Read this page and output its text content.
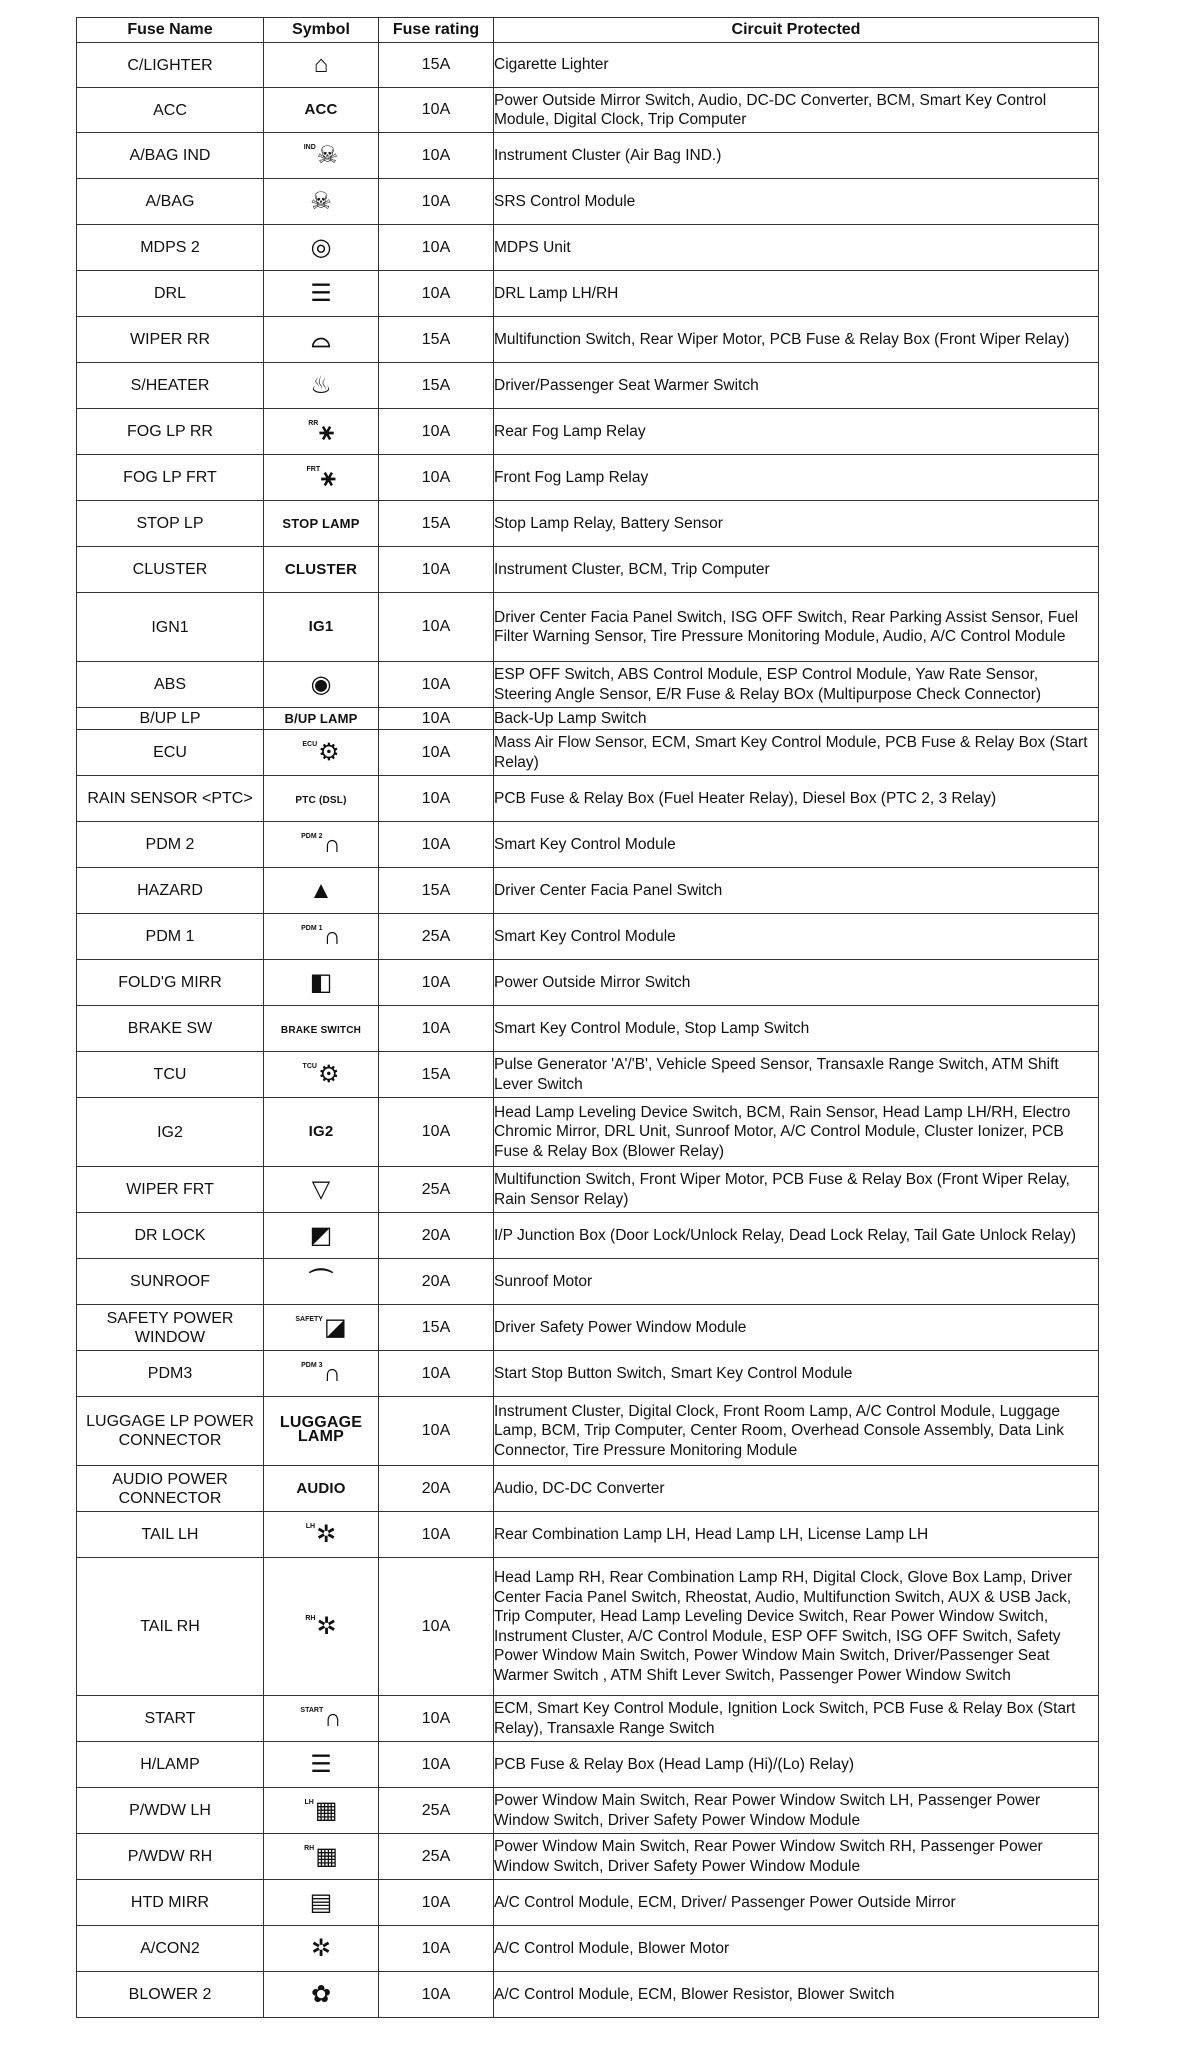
Fuse Name	Symbol	Fuse rating	Circuit Protected
C/LIGHTER	⌂	15A	Cigarette Lighter
ACC	ACC	10A	Power Outside Mirror Switch, Audio, DC-DC Converter, BCM, Smart Key Control Module, Digital Clock, Trip Computer
A/BAG IND	$^{IND}$☠	10A	Instrument Cluster (Air Bag IND.)
A/BAG	☠	10A	SRS Control Module
MDPS 2	◎	10A	MDPS Unit
DRL	☰	10A	DRL Lamp LH/RH
WIPER RR	⌓	15A	Multifunction Switch, Rear Wiper Motor, PCB Fuse & Relay Box (Front Wiper Relay)
S/HEATER	♨	15A	Driver/Passenger Seat Warmer Switch
FOG LP RR	$^{RR}$⚹	10A	Rear Fog Lamp Relay
FOG LP FRT	$^{FRT}$⚹	10A	Front Fog Lamp Relay
STOP LP	STOP LAMP	15A	Stop Lamp Relay, Battery Sensor
CLUSTER	CLUSTER	10A	Instrument Cluster, BCM, Trip Computer
IGN1	IG1	10A	Driver Center Facia Panel Switch, ISG OFF Switch, Rear Parking Assist Sensor, Fuel Filter Warning Sensor, Tire Pressure Monitoring Module, Audio, A/C Control Module
ABS	◉	10A	ESP OFF Switch, ABS Control Module, ESP Control Module, Yaw Rate Sensor, Steering Angle Sensor, E/R Fuse & Relay BOx (Multipurpose Check Connector)
B/UP LP	B/UP LAMP	10A	Back-Up Lamp Switch
ECU	$^{ECU}$⚙	10A	Mass Air Flow Sensor, ECM, Smart Key Control Module, PCB Fuse & Relay Box (Start Relay)
RAIN SENSOR <PTC>	PTC (DSL)	10A	PCB Fuse & Relay Box (Fuel Heater Relay), Diesel Box (PTC 2, 3 Relay)
PDM 2	$^{PDM 2}$∩	10A	Smart Key Control Module
HAZARD	▲	15A	Driver Center Facia Panel Switch
PDM 1	$^{PDM 1}$∩	25A	Smart Key Control Module
FOLD'G MIRR	◧	10A	Power Outside Mirror Switch
BRAKE SW	BRAKE SWITCH	10A	Smart Key Control Module, Stop Lamp Switch
TCU	$^{TCU}$⚙	15A	Pulse Generator 'A'/'B', Vehicle Speed Sensor, Transaxle Range Switch, ATM Shift Lever Switch
IG2	IG2	10A	Head Lamp Leveling Device Switch, BCM, Rain Sensor, Head Lamp LH/RH, Electro Chromic Mirror, DRL Unit, Sunroof Motor, A/C Control Module, Cluster Ionizer, PCB Fuse & Relay Box (Blower Relay)
WIPER FRT	▽	25A	Multifunction Switch, Front Wiper Motor, PCB Fuse & Relay Box (Front Wiper Relay, Rain Sensor Relay)
DR LOCK	◩	20A	I/P Junction Box (Door Lock/Unlock Relay, Dead Lock Relay, Tail Gate Unlock Relay)
SUNROOF	⌒	20A	Sunroof Motor
SAFETY POWER WINDOW	$^{SAFETY}$◪	15A	Driver Safety Power Window Module
PDM3	$^{PDM 3}$∩	10A	Start Stop Button Switch, Smart Key Control Module
LUGGAGE LP POWER CONNECTOR	LUGGAGE LAMP	10A	Instrument Cluster, Digital Clock, Front Room Lamp, A/C Control Module, Luggage Lamp, BCM, Trip Computer, Center Room, Overhead Console Assembly, Data Link Connector, Tire Pressure Monitoring Module
AUDIO POWER CONNECTOR	AUDIO	20A	Audio, DC-DC Converter
TAIL LH	$^{LH}$✲	10A	Rear Combination Lamp LH, Head Lamp LH, License Lamp LH
TAIL RH	$^{RH}$✲	10A	Head Lamp RH, Rear Combination Lamp RH, Digital Clock, Glove Box Lamp, Driver Center Facia Panel Switch, Rheostat, Audio, Multifunction Switch, AUX & USB Jack, Trip Computer, Head Lamp Leveling Device Switch, Rear Power Window Switch, Instrument Cluster, A/C Control Module, ESP OFF Switch, ISG OFF Switch, Safety Power Window Main Switch, Power Window Main Switch, Driver/Passenger Seat Warmer Switch , ATM Shift Lever Switch, Passenger Power Window Switch
START	$^{START}$∩	10A	ECM, Smart Key Control Module, Ignition Lock Switch, PCB Fuse & Relay Box (Start Relay), Transaxle Range Switch
H/LAMP	☰	10A	PCB Fuse & Relay Box (Head Lamp (Hi)/(Lo) Relay)
P/WDW LH	$^{LH}$▦	25A	Power Window Main Switch, Rear Power Window Switch LH, Passenger Power Window Switch, Driver Safety Power Window Module
P/WDW RH	$^{RH}$▦	25A	Power Window Main Switch, Rear Power Window Switch RH, Passenger Power Window Switch, Driver Safety Power Window Module
HTD MIRR	▤	10A	A/C Control Module, ECM, Driver/ Passenger Power Outside Mirror
A/CON2	✲	10A	A/C Control Module, Blower Motor
BLOWER 2	✿	10A	A/C Control Module, ECM, Blower Resistor, Blower Switch
